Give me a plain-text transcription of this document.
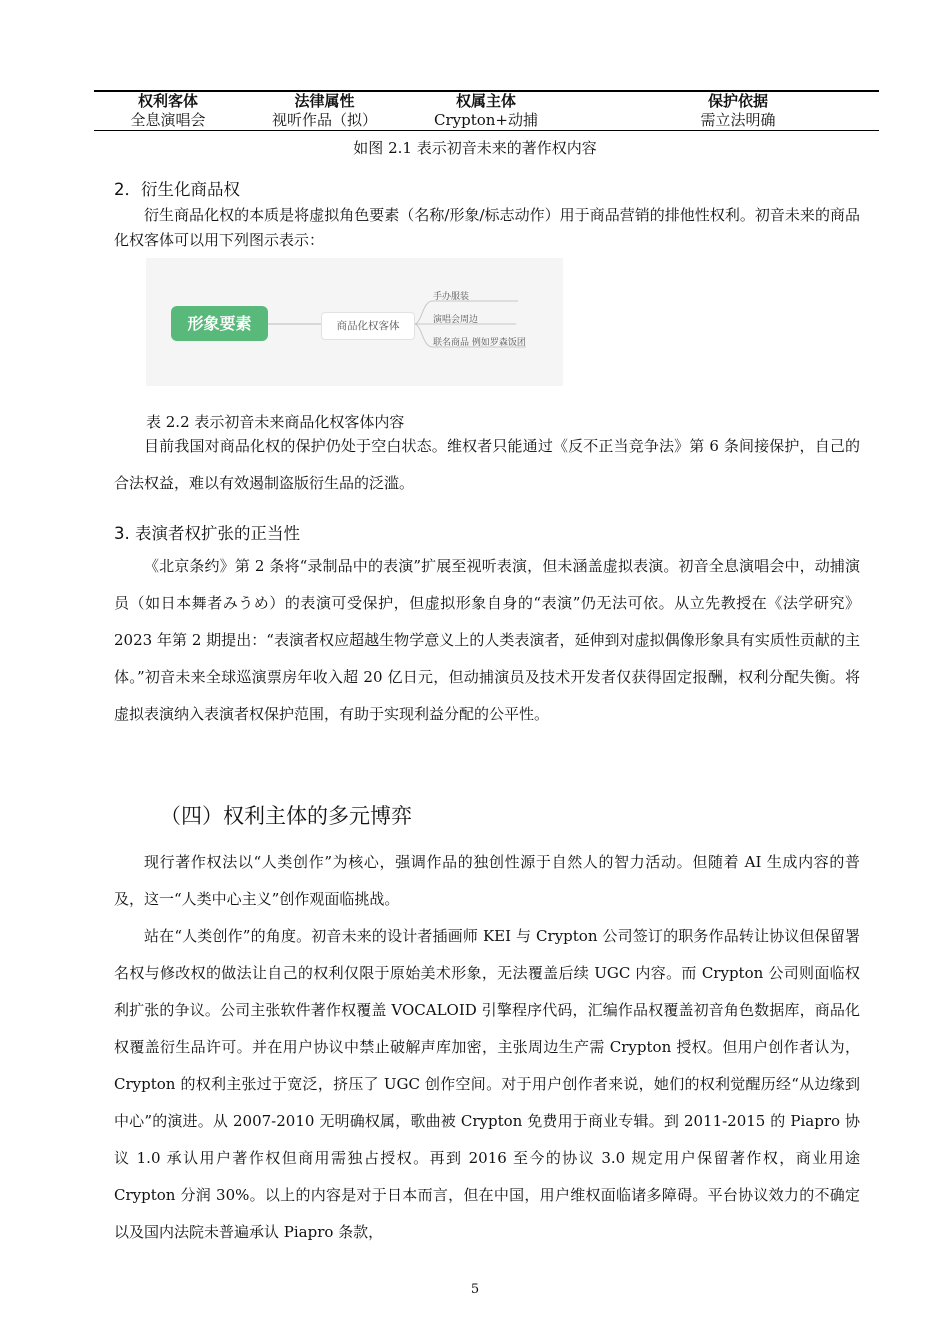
权利客体	法律属性	权属主体	保护依据
全息演唱会	视听作品（拟）	Crypton+动捕	需立法明确
如图 2.1 表示初音未来的著作权内容
2．衍生化商品权

衍生商品化权的本质是将虚拟角色要素（名称/形象/标志动作）用于商品营销的排他性权利。初音未来的商品化权客体可以用下列图示表示：

形象要素	商品化权客体
手办服装
演唱会周边
联名商品 例如罗森饭团
表 2.2 表示初音未来商品化权客体内容

目前我国对商品化权的保护仍处于空白状态。维权者只能通过《反不正当竞争法》第 6 条间接保护，自己的合法权益，难以有效遏制盗版衍生品的泛滥。

3. 表演者权扩张的正当性

《北京条约》第 2 条将“录制品中的表演”扩展至视听表演，但未涵盖虚拟表演。初音全息演唱会中，动捕演员（如日本舞者みうめ）的表演可受保护，但虚拟形象自身的“表演”仍无法可依。从立先教授在《法学研究》2023 年第 2 期提出：“表演者权应超越生物学意义上的人类表演者，延伸到对虚拟偶像形象具有实质性贡献的主体。”初音未来全球巡演票房年收入超 20 亿日元，但动捕演员及技术开发者仅获得固定报酬，权利分配失衡。将虚拟表演纳入表演者权保护范围，有助于实现利益分配的公平性。

（四）权利主体的多元博弈

现行著作权法以“人类创作”为核心，强调作品的独创性源于自然人的智力活动。但随着 AI 生成内容的普及，这一“人类中心主义”创作观面临挑战。

站在“人类创作”的角度。初音未来的设计者插画师 KEI 与 Crypton 公司签订的职务作品转让协议但保留署名权与修改权的做法让自己的权利仅限于原始美术形象，无法覆盖后续 UGC 内容。而 Crypton 公司则面临权利扩张的争议。公司主张软件著作权覆盖 VOCALOID 引擎程序代码，汇编作品权覆盖初音角色数据库，商品化权覆盖衍生品许可。并在用户协议中禁止破解声库加密，主张周边生产需 Crypton 授权。但用户创作者认为，Crypton 的权利主张过于宽泛，挤压了 UGC 创作空间。对于用户创作者来说，她们的权利觉醒历经“从边缘到中心”的演进。从 2007-2010 无明确权属，歌曲被 Crypton 免费用于商业专辑。到 2011-2015 的 Piapro 协议 1.0 承认用户著作权但商用需独占授权。再到 2016 至今的协议 3.0 规定用户保留著作权，商业用途 Crypton 分润 30%。以上的内容是对于日本而言，但在中国，用户维权面临诸多障碍。平台协议效力的不确定以及国内法院未普遍承认 Piapro 条款，

5
